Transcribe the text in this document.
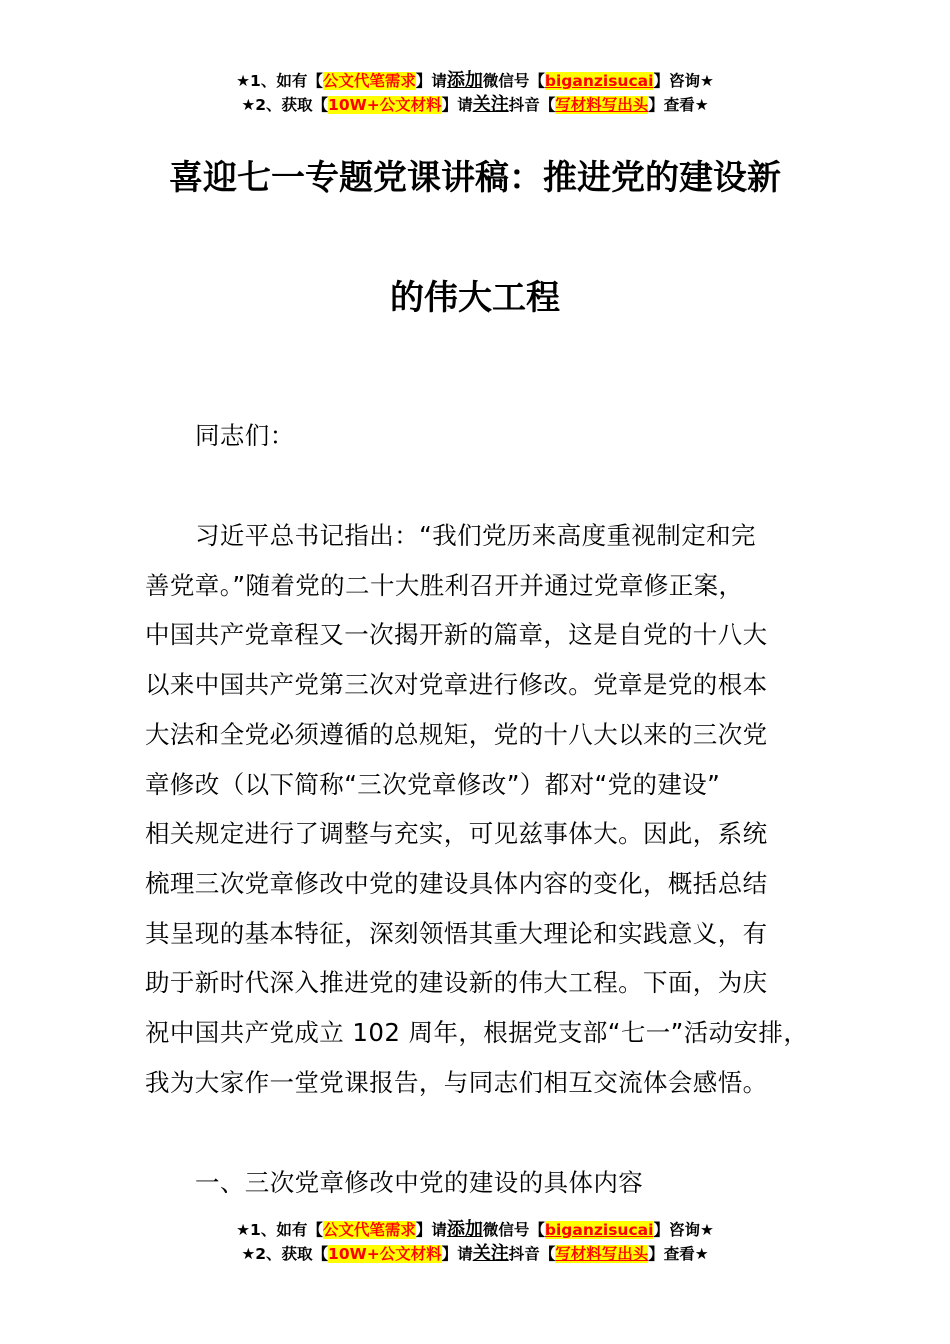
★1、如有【公文代笔需求】请添加微信号【biganzisucai】咨询★
★2、获取【10W+公文材料】请关注抖音【写材料写出头】查看★
喜迎七一专题党课讲稿：推进党的建设新
的伟大工程
同志们：
习近平总书记指出：“我们党历来高度重视制定和完
善党章。”随着党的二十大胜利召开并通过党章修正案，
中国共产党章程又一次揭开新的篇章，这是自党的十八大
以来中国共产党第三次对党章进行修改。党章是党的根本
大法和全党必须遵循的总规矩，党的十八大以来的三次党
章修改（以下简称“三次党章修改”）都对“党的建设”
相关规定进行了调整与充实，可见兹事体大。因此，系统
梳理三次党章修改中党的建设具体内容的变化，概括总结
其呈现的基本特征，深刻领悟其重大理论和实践意义，有
助于新时代深入推进党的建设新的伟大工程。下面，为庆
祝中国共产党成立 102 周年，根据党支部“七一”活动安排，
我为大家作一堂党课报告，与同志们相互交流体会感悟。
一、三次党章修改中党的建设的具体内容
★1、如有【公文代笔需求】请添加微信号【biganzisucai】咨询★
★2、获取【10W+公文材料】请关注抖音【写材料写出头】查看★
